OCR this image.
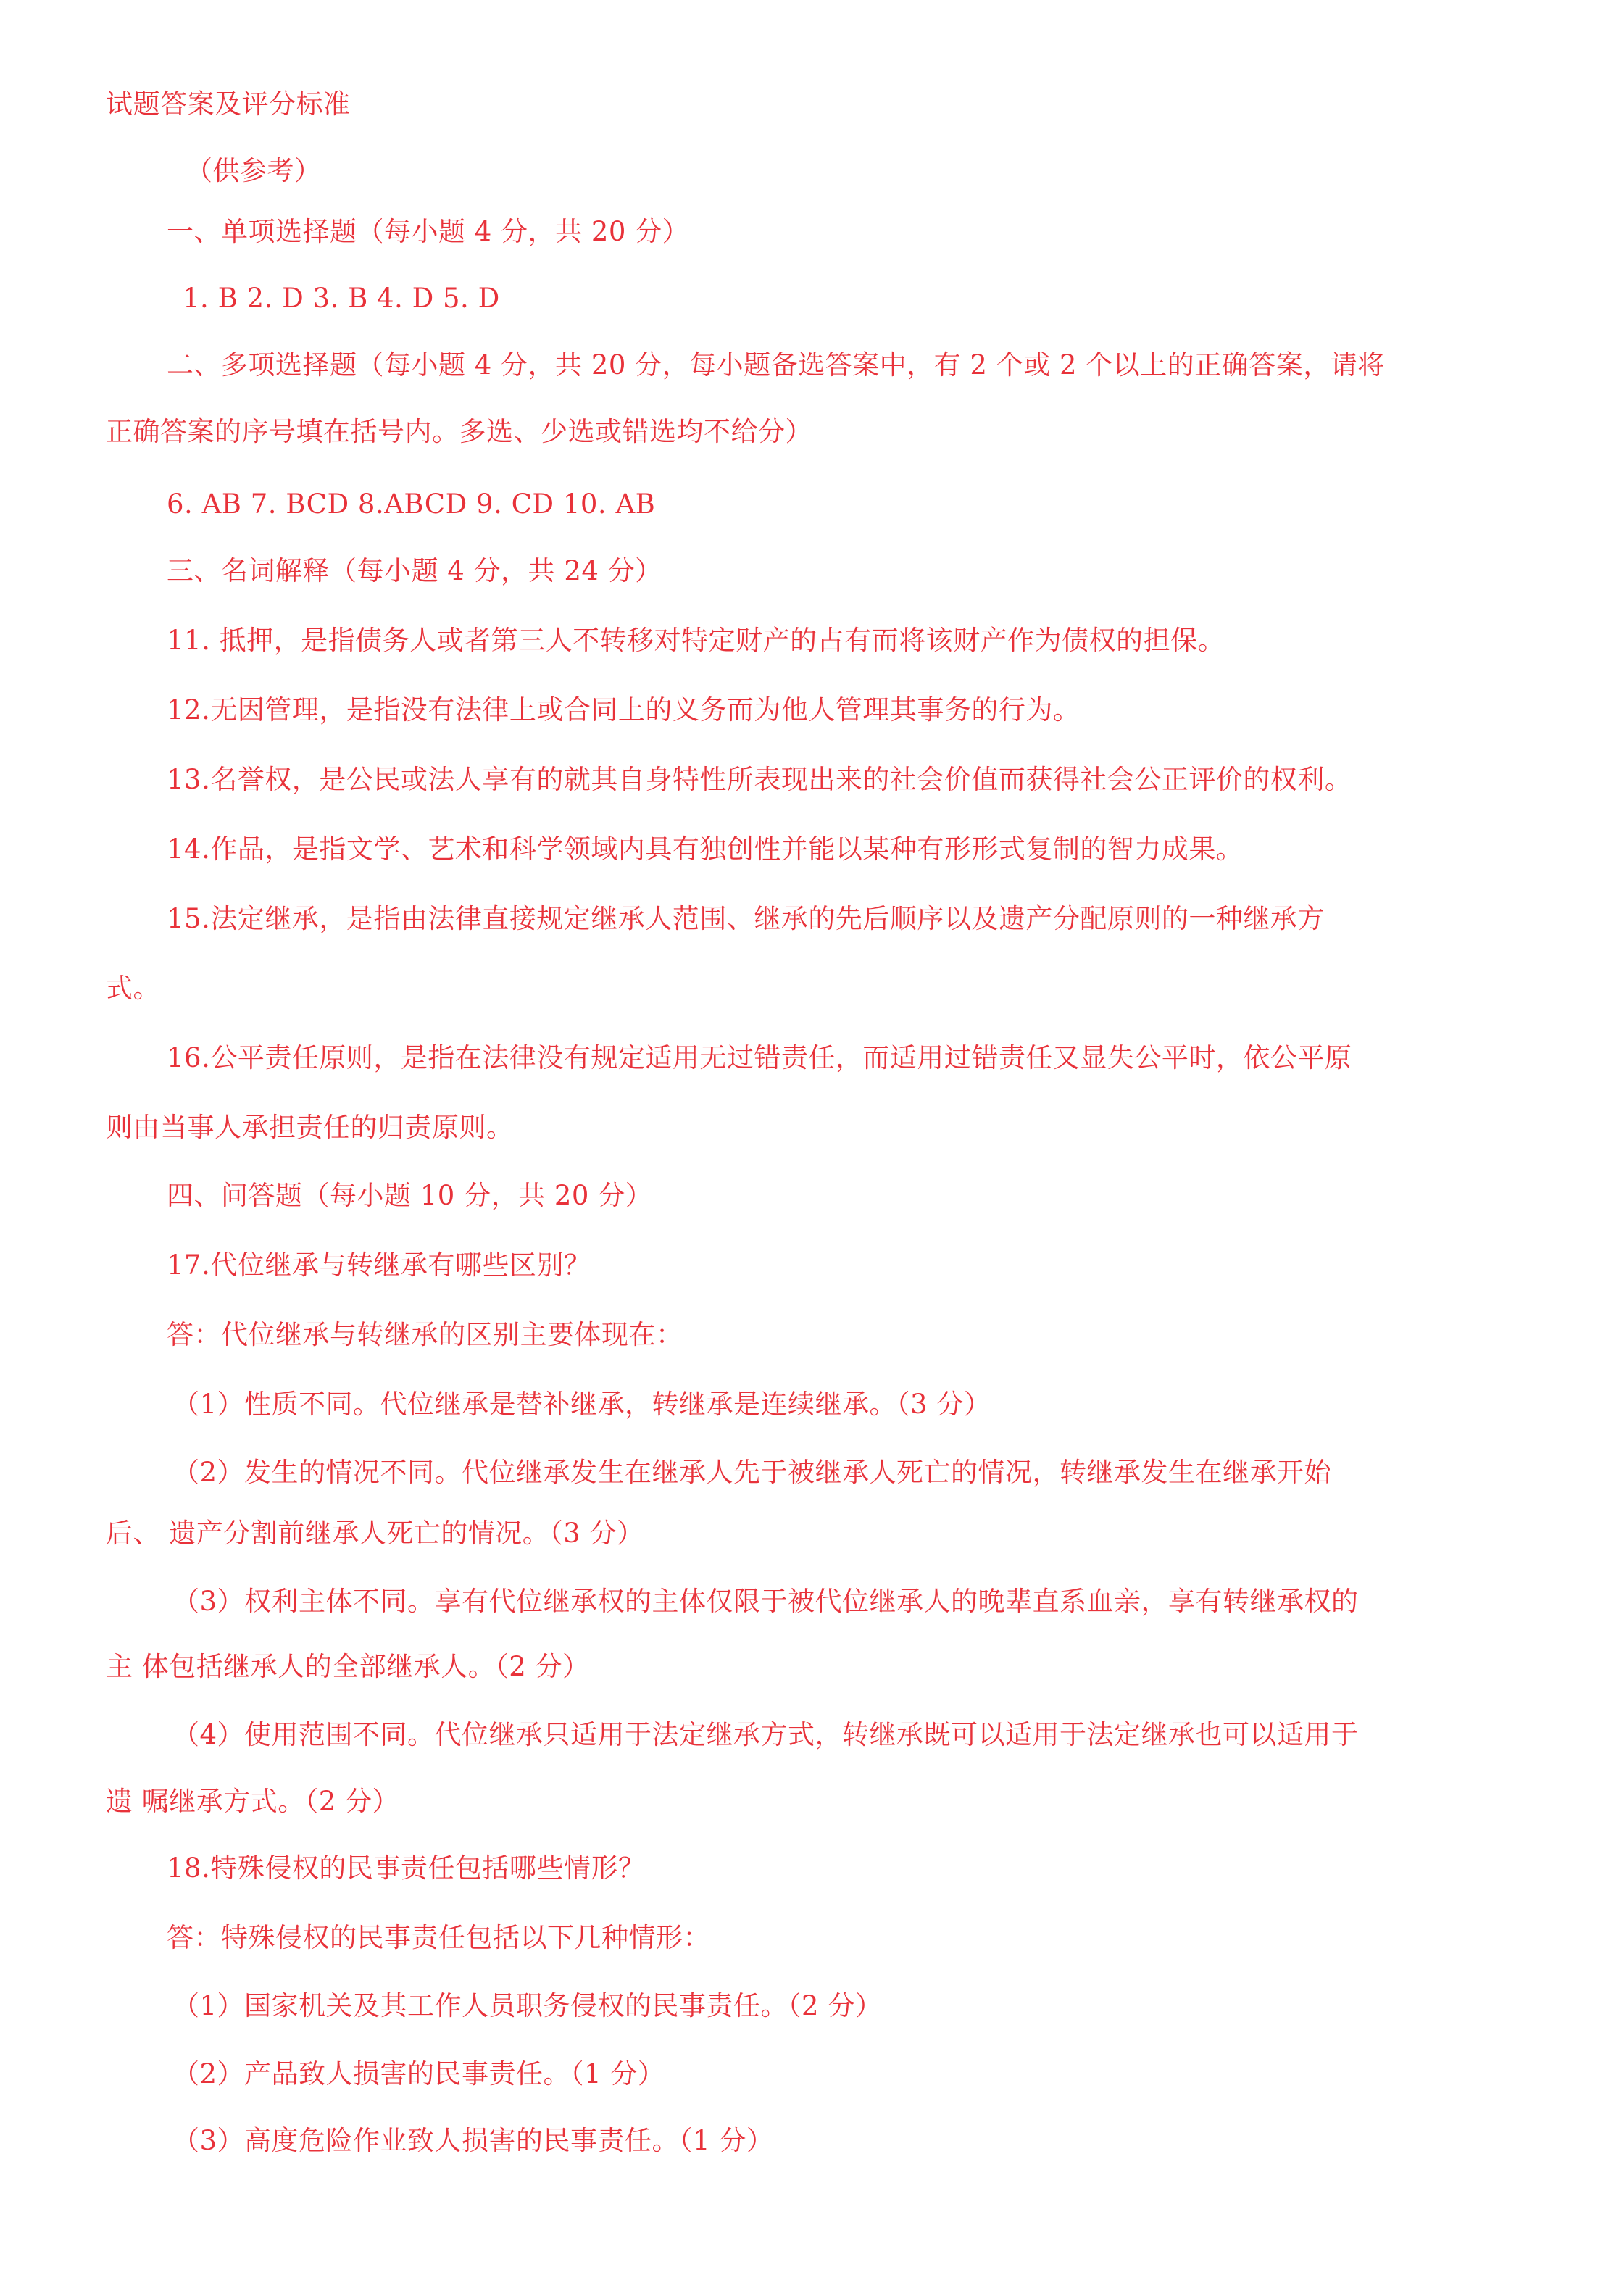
试题答案及评分标准
（供参考）
一、单项选择题（每小题 4 分，共 20 分）
1. B 2. D 3. B 4. D 5. D
二、多项选择题（每小题 4 分，共 20 分，每小题备选答案中，有 2 个或 2 个以上的正确答案，请将
正确答案的序号填在括号内。多选、少选或错选均不给分）
6. AB 7. BCD 8.ABCD 9. CD 10. AB
三、名词解释（每小题 4 分，共 24 分）
11. 抵押，是指债务人或者第三人不转移对特定财产的占有而将该财产作为债权的担保。
12.无因管理，是指没有法律上或合同上的义务而为他人管理其事务的行为。
13.名誉权，是公民或法人享有的就其自身特性所表现出来的社会价值而获得社会公正评价的权利。
14.作品，是指文学、艺术和科学领域内具有独创性并能以某种有形形式复制的智力成果。
15.法定继承，是指由法律直接规定继承人范围、继承的先后顺序以及遗产分配原则的一种继承方
式。
16.公平责任原则，是指在法律没有规定适用无过错责任，而适用过错责任又显失公平时，依公平原
则由当事人承担责任的归责原则。
四、问答题（每小题 10 分，共 20 分）
17.代位继承与转继承有哪些区别？
答：代位继承与转继承的区别主要体现在：
（1）性质不同。代位继承是替补继承，转继承是连续继承。（3 分）
（2）发生的情况不同。代位继承发生在继承人先于被继承人死亡的情况，转继承发生在继承开始
后、 遗产分割前继承人死亡的情况。（3 分）
（3）权利主体不同。享有代位继承权的主体仅限于被代位继承人的晚辈直系血亲，享有转继承权的
主 体包括继承人的全部继承人。（2 分）
（4）使用范围不同。代位继承只适用于法定继承方式，转继承既可以适用于法定继承也可以适用于
遗 嘱继承方式。（2 分）
18.特殊侵权的民事责任包括哪些情形？
答：特殊侵权的民事责任包括以下几种情形：
（1）国家机关及其工作人员职务侵权的民事责任。（2 分）
（2）产品致人损害的民事责任。（1 分）
（3）高度危险作业致人损害的民事责任。（1 分）
